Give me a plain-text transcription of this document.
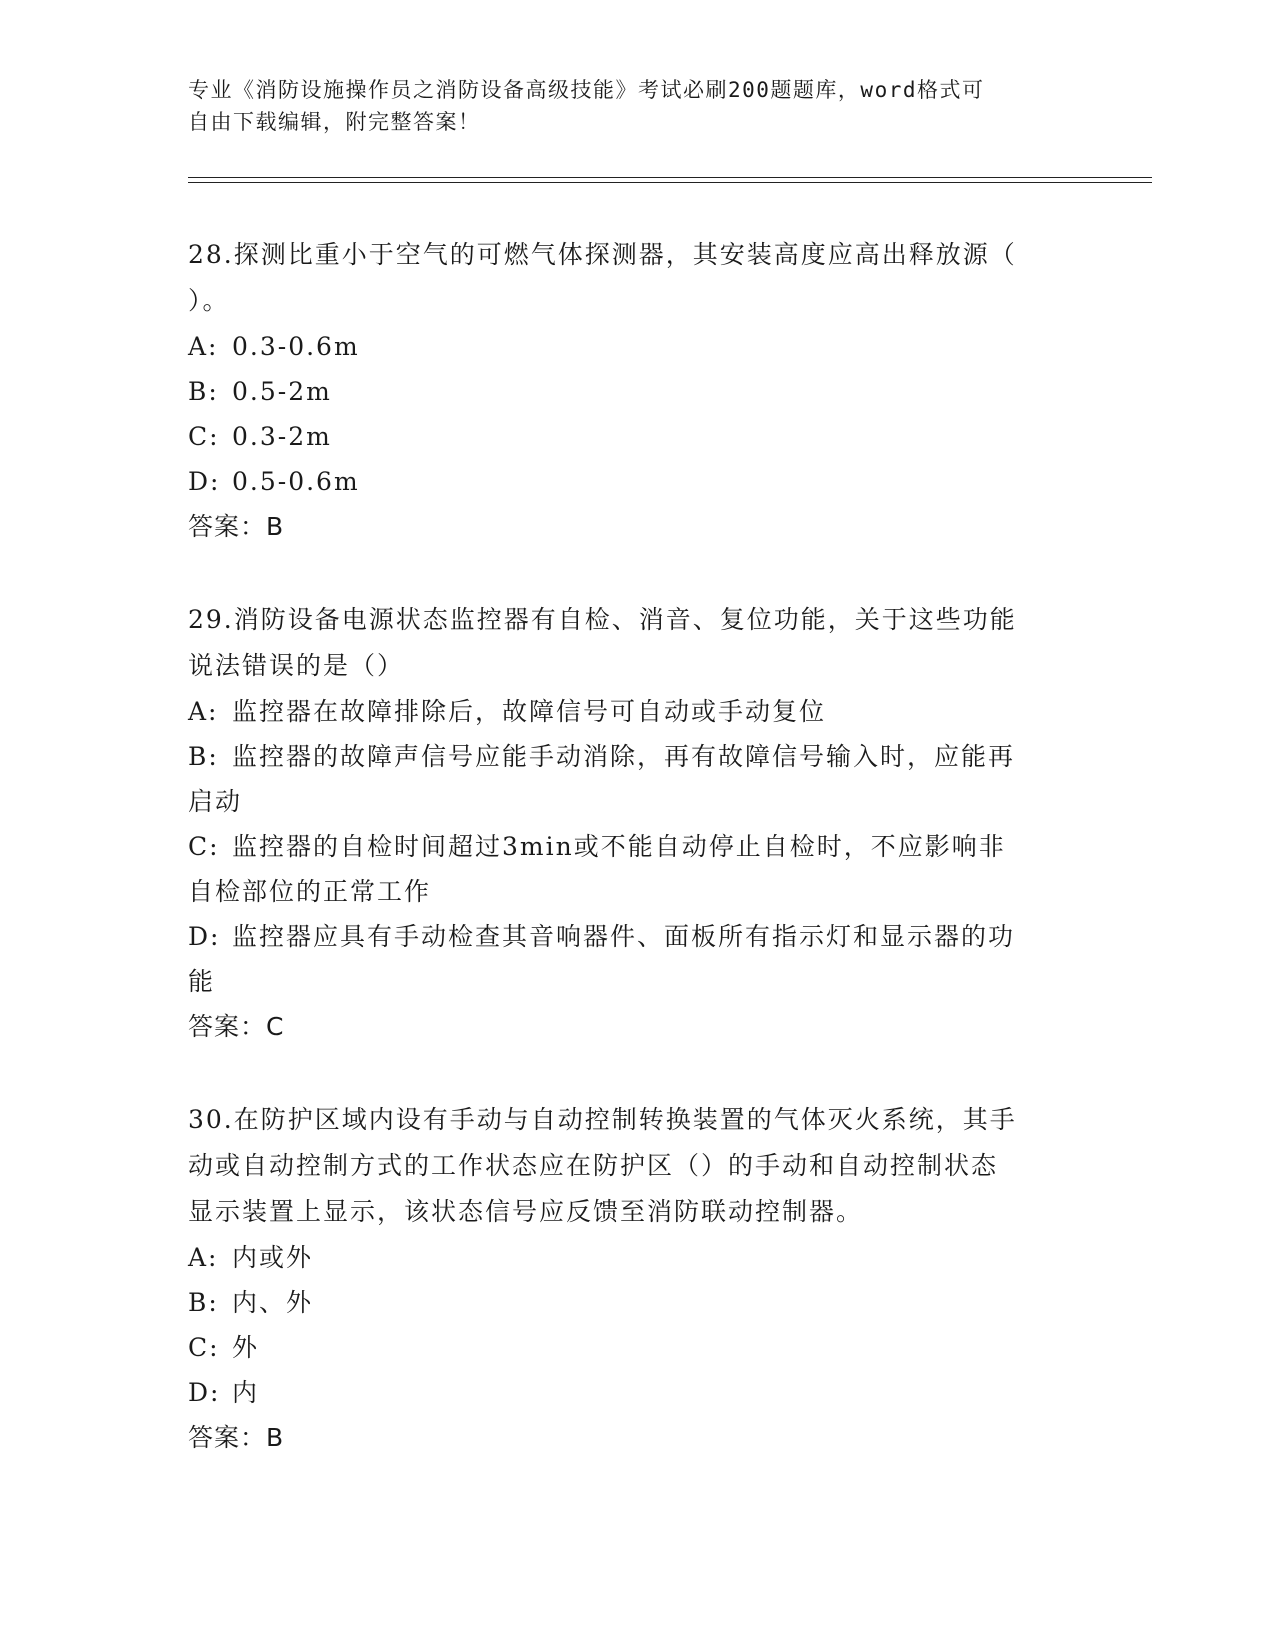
专业《消防设施操作员之消防设备高级技能》考试必刷200题题库，word格式可
自由下载编辑，附完整答案！

28.探测比重小于空气的可燃气体探测器，其安装高度应高出释放源（

）。

A: 0.3-0.6m

B: 0.5-2m

C: 0.3-2m

D: 0.5-0.6m

答案：B

29.消防设备电源状态监控器有自检、消音、复位功能，关于这些功能

说法错误的是（）

A: 监控器在故障排除后，故障信号可自动或手动复位

B: 监控器的故障声信号应能手动消除，再有故障信号输入时，应能再

启动

C: 监控器的自检时间超过3min或不能自动停止自检时，不应影响非

自检部位的正常工作

D: 监控器应具有手动检查其音响器件、面板所有指示灯和显示器的功

能

答案：C

30.在防护区域内设有手动与自动控制转换装置的气体灭火系统，其手

动或自动控制方式的工作状态应在防护区（）的手动和自动控制状态

显示装置上显示，该状态信号应反馈至消防联动控制器。

A: 内或外

B: 内、外

C: 外

D: 内

答案：B
